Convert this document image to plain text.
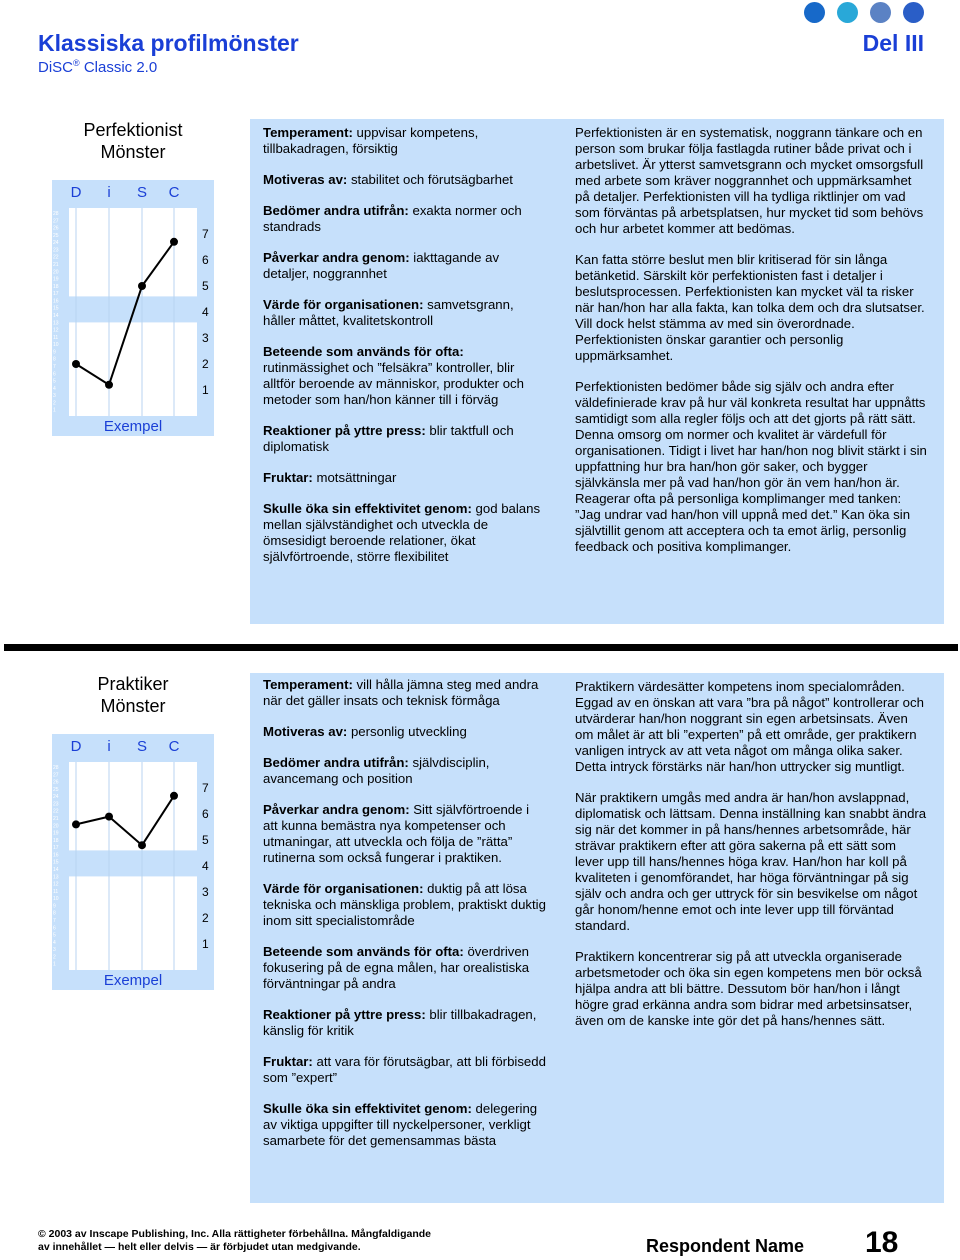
Klassiska profilmönster
DiSC® Classic 2.0
Del III
Perfektionist
Mönster
D i S C
28
27
26
25
24
23
22
21
20
19
18
17
16
15
14
13
12
11
10
9
8
7
6
5
4
3
2
1
7
6
5
4
3
2
1
Exempel

Temperament: uppvisar kompetens, tillbakadragen, försiktig

Motiveras av: stabilitet och förutsägbarhet

Bedömer andra utifrån: exakta normer och standrads

Påverkar andra genom: iakttagande av detaljer, noggrannhet

Värde för organisationen: samvetsgrann, håller måttet, kvalitetskontroll

Beteende som används för ofta: rutinmässighet och ”felsäkra” kontroller, blir alltför beroende av människor, produkter och metoder som han/hon känner till i förväg

Reaktioner på yttre press: blir taktfull och diplomatisk

Fruktar: motsättningar

Skulle öka sin effektivitet genom: god balans mellan självständighet och utveckla de ömsesidigt beroende relationer, ökat självförtroende, större flexibilitet

Perfektionisten är en systematisk, noggrann tänkare och en person som brukar följa fastlagda rutiner både privat och i arbetslivet. Är ytterst samvetsgrann och mycket omsorgsfull med arbete som kräver noggrannhet och uppmärksamhet på detaljer. Perfektionisten vill ha tydliga riktlinjer om vad som förväntas på arbetsplatsen, hur mycket tid som behövs och hur arbetet kommer att bedömas.

Kan fatta större beslut men blir kritiserad för sin långa betänketid. Särskilt kör perfektionisten fast i detaljer i beslutsprocessen. Perfektionisten kan mycket väl ta risker när han/hon har alla fakta, kan tolka dem och dra slutsatser. Vill dock helst stämma av med sin överordnade. Perfektionisten önskar garantier och personlig uppmärksamhet.

Perfektionisten bedömer både sig själv och andra efter väldefinierade krav på hur väl konkreta resultat har uppnåtts samtidigt som alla regler följs och att det gjorts på rätt sätt. Denna omsorg om normer och kvalitet är värdefull för organisationen. Tidigt i livet har han/hon nog blivit stärkt i sin uppfattning hur bra han/hon gör saker, och bygger självkänsla mer på vad han/hon gör än vem han/hon är. Reagerar ofta på personliga komplimanger med tanken: ”Jag undrar vad han/hon vill uppnå med det.” Kan öka sin självtillit genom att acceptera och ta emot ärlig, personlig feedback och positiva komplimanger.

Praktiker
Mönster
D i S C
28
27
26
25
24
23
22
21
20
19
18
17
16
15
14
13
12
11
10
9
8
7
6
5
4
3
2
1
7
6
5
4
3
2
1
Exempel

Temperament: vill hålla jämna steg med andra när det gäller insats och teknisk förmåga

Motiveras av: personlig utveckling

Bedömer andra utifrån: självdisciplin, avancemang och position

Påverkar andra genom: Sitt självförtroende i att kunna bemästra nya kompetenser och utmaningar, att utveckla och följa de ”rätta” rutinerna som också fungerar i praktiken.

Värde för organisationen: duktig på att lösa tekniska och mänskliga problem, praktiskt duktig inom sitt specialistområde

Beteende som används för ofta: överdriven fokusering på de egna målen, har orealistiska förväntningar på andra

Reaktioner på yttre press: blir tillbakadragen, känslig för kritik

Fruktar: att vara för förutsägbar, att bli förbisedd som ”expert”

Skulle öka sin effektivitet genom: delegering av viktiga uppgifter till nyckelpersoner, verkligt samarbete för det gemensammas bästa

Praktikern värdesätter kompetens inom specialområden. Eggad av en önskan att vara ”bra på något” kontrollerar och utvärderar han/hon noggrant sin egen arbetsinsats. Även om målet är att bli ”experten” på ett område, ger praktikern vanligen intryck av att veta något om många olika saker. Detta intryck förstärks när han/hon uttrycker sig muntligt.

När praktikern umgås med andra är han/hon avslappnad, diplomatisk och lättsam. Denna inställning kan snabbt ändra sig när det kommer in på hans/hennes arbetsområde, här strävar praktikern efter att göra sakerna på ett sätt som lever upp till hans/hennes höga krav. Han/hon har koll på kvaliteten i genomförandet, har höga förväntningar på sig själv och andra och ger uttryck för sin besvikelse om något går honom/henne emot och inte lever upp till förväntad standard.

Praktikern koncentrerar sig på att utveckla organiserade arbetsmetoder och öka sin egen kompetens men bör också hjälpa andra att bli bättre. Dessutom bör han/hon i långt högre grad erkänna andra som bidrar med arbetsinsatser, även om de kanske inte gör det på hans/hennes sätt.

© 2003 av Inscape Publishing, Inc. Alla rättigheter förbehållna. Mångfaldigande
av innehållet — helt eller delvis — är förbjudet utan medgivande.	Respondent Name 18
